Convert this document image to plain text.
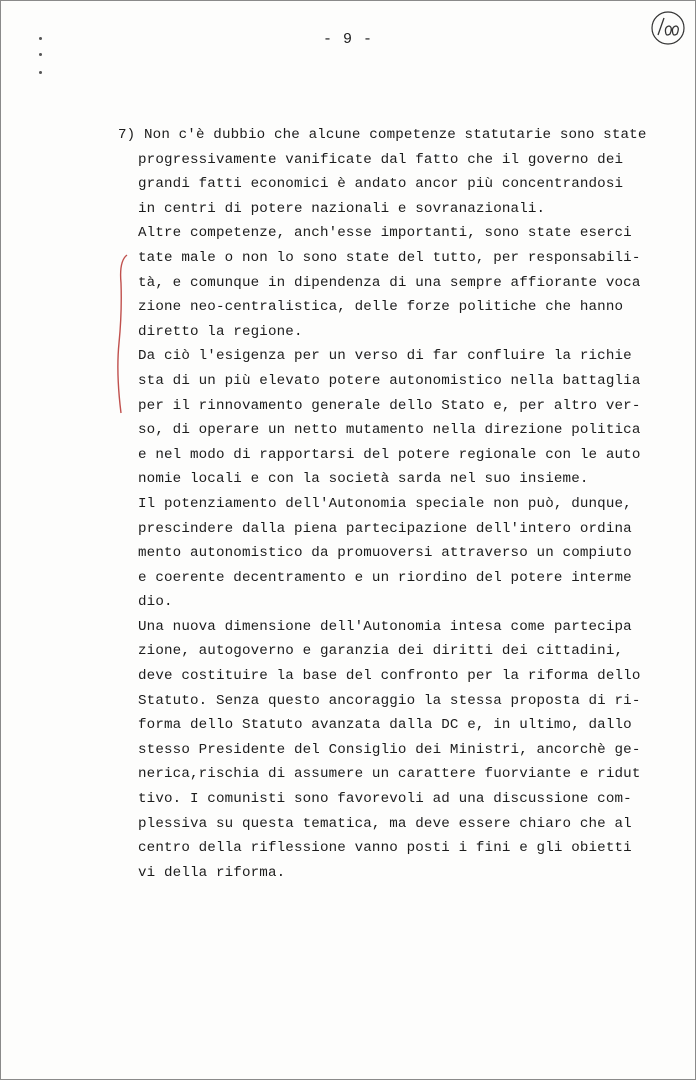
- 9 -
7) Non c'è dubbio che alcune competenze statutarie sono state
progressivamente vanificate dal fatto che il governo dei
grandi fatti economici è andato ancor più concentrandosi
in centri di potere nazionali e sovranazionali.
Altre competenze, anch'esse importanti, sono state eserci
tate male o non lo sono state del tutto, per responsabili-
tà, e comunque in dipendenza di una sempre affiorante voca
zione neo-centralistica, delle forze politiche che hanno
diretto la regione.
Da ciò l'esigenza per un verso di far confluire la richie
sta di un più elevato potere autonomistico nella battaglia
per il rinnovamento generale dello Stato e, per altro ver-
so, di operare un netto mutamento nella direzione politica
e nel modo di rapportarsi del potere regionale con le auto
nomie locali e con la società sarda nel suo insieme.
Il potenziamento dell'Autonomia speciale non può, dunque,
prescindere dalla piena partecipazione dell'intero ordina
mento autonomistico da promuoversi attraverso un compiuto
e coerente decentramento e un riordino del potere interme
dio.
Una nuova dimensione dell'Autonomia intesa come partecipa
zione, autogoverno e garanzia dei diritti dei cittadini,
deve costituire la base del confronto per la riforma dello
Statuto. Senza questo ancoraggio la stessa proposta di ri-
forma dello Statuto avanzata dalla DC e, in ultimo, dallo
stesso Presidente del Consiglio dei Ministri, ancorchè ge-
nerica,rischia di assumere un carattere fuorviante e ridut
tivo. I comunisti sono favorevoli ad una discussione com-
plessiva su questa tematica, ma deve essere chiaro che al
centro della riflessione vanno posti i fini e gli obietti
vi della riforma.
